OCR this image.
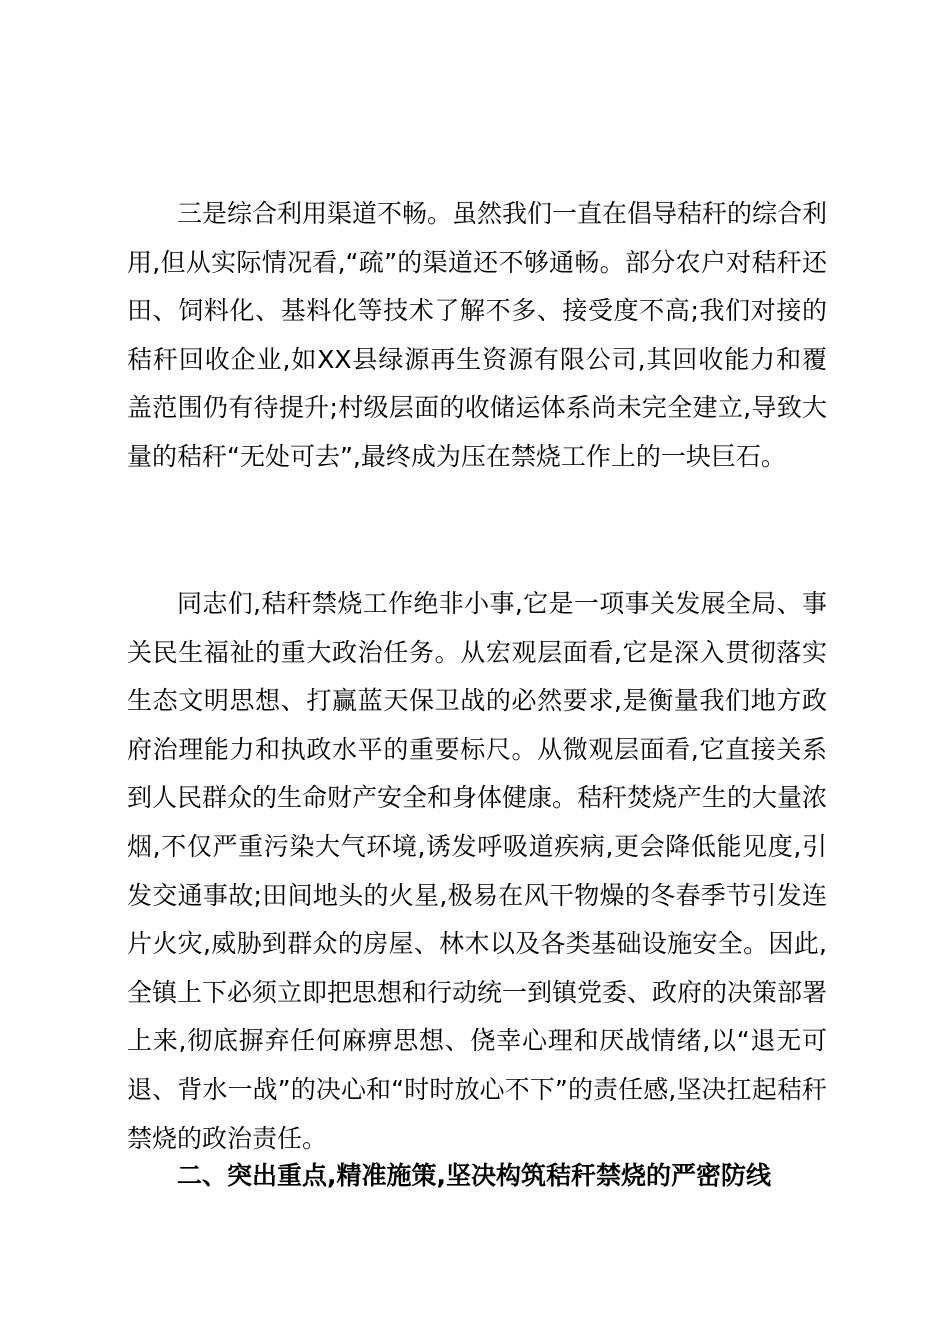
三是综合利用渠道不畅。虽然我们一直在倡导秸秆的综合利用,但从实际情况看,“疏”的渠道还不够通畅。部分农户对秸秆还田、饲料化、基料化等技术了解不多、接受度不高;我们对接的秸秆回收企业,如XX县绿源再生资源有限公司,其回收能力和覆盖范围仍有待提升;村级层面的收储运体系尚未完全建立,导致大量的秸秆“无处可去”,最终成为压在禁烧工作上的一块巨石。

同志们,秸秆禁烧工作绝非小事,它是一项事关发展全局、事关民生福祉的重大政治任务。从宏观层面看,它是深入贯彻落实生态文明思想、打赢蓝天保卫战的必然要求,是衡量我们地方政府治理能力和执政水平的重要标尺。从微观层面看,它直接关系到人民群众的生命财产安全和身体健康。秸秆焚烧产生的大量浓烟,不仅严重污染大气环境,诱发呼吸道疾病,更会降低能见度,引发交通事故;田间地头的火星,极易在风干物燥的冬春季节引发连片火灾,威胁到群众的房屋、林木以及各类基础设施安全。因此,全镇上下必须立即把思想和行动统一到镇党委、政府的决策部署上来,彻底摒弃任何麻痹思想、侥幸心理和厌战情绪,以“退无可退、背水一战”的决心和“时时放心不下”的责任感,坚决扛起秸秆禁烧的政治责任。

二、突出重点,精准施策,坚决构筑秸秆禁烧的严密防线
